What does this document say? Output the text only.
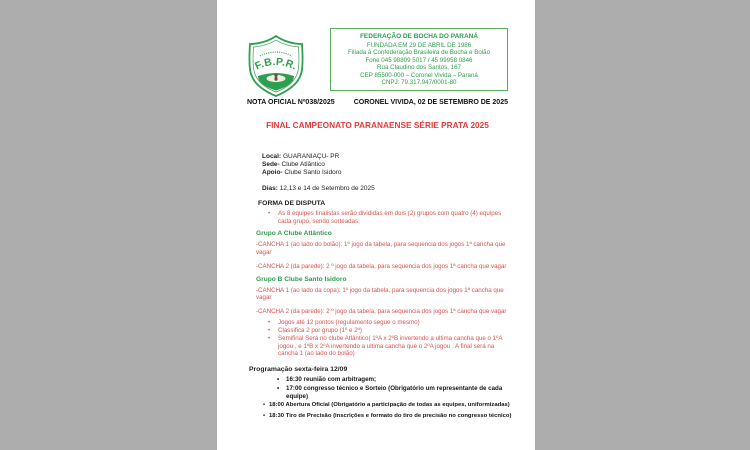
F.B.P.R.
FEDERAÇÃO DE BOCHA DO PARANÁ
FUNDADA EM 29 DE ABRIL DE 1986
Filiada à Confederação Brasileira de Bocha e Bolão
Fone 045 98809 5017 / 45 99958 0846
Rua Claudino dos Santos, 167
CEP 85500-000 – Coronel Vivida – Paraná
CNPJ: 79.317.947/0001-80
NOTA OFICIAL Nº038/2025	CORONEL VIVIDA, 02 DE SETEMBRO DE 2025
FINAL CAMPEONATO PARANAENSE SÉRIE PRATA 2025
Local: GUARANIAÇU- PR
Sede- Clube Atlântico
Apoio- Clube Santo Isidoro
Dias: 12,13 e 14 de Setembro de 2025
FORMA DE DISPUTA
• As 8 equipes finalistas serão divididas em dois (2) grupos com quatro (4) equipes cada grupo, sendo sorteadas;
Grupo A Clube Atlântico
-CANCHA 1 (ao lado do bolão): 1º jogo da tabela, para sequencia dos jogos 1ª cancha que vagar
-CANCHA 2 (da parede): 2 º jogo da tabela, para sequencia dos jogos 1ª cancha que vagar
Grupo B Clube Santo Isidoro
-CANCHA 1 (ao lado da copa): 1º jogo da tabela, para sequencia dos jogos 1ª cancha que vagar
-CANCHA 2 (da parede): 2 º jogo da tabela, para sequencia dos jogos 1ª cancha que vagar
• Jogos até 12 pontos (regulamento segue o mesmo)
• Classifica 2 por grupo (1º e 2º)
• Semifinal Será no clube Atlântico( 1ºA x 2ºB invertendo a ultima cancha que o 1ºA jogou , e 1ºB x 2ºA invertendo a ultima cancha que o 2ºA jogou . A final será na cancha 1 (ao lado do bolão)
Programação sexta-feira 12/09
• 16:30 reunião com arbitragem;
• 17:00 congresso técnico e Sorteio (Obrigatório um representante de cada equipe)
• 18:00 Abertura Oficial (Obrigatório a participação de todas as equipes, uniformizadas)
• 18:30 Tiro de Precisão (inscrições e formato do tiro de precisão no congresso técnico)
